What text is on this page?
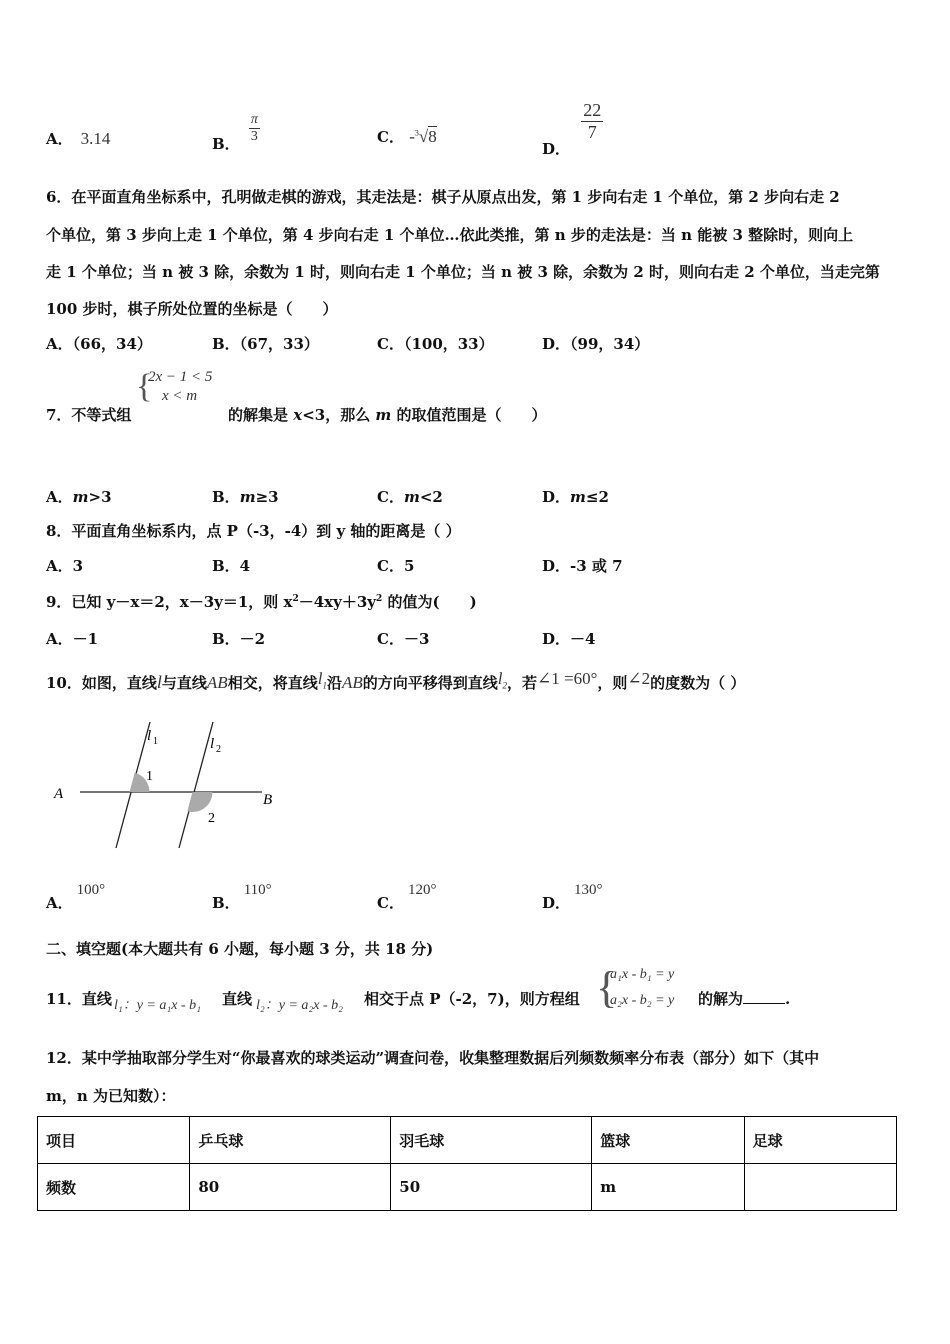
A． 3.14	B． $\frac{\pi}{3}$	C． -$^3$√8
D．
$\frac{22}{7}$
6．在平面直角坐标系中，孔明做走棋的游戏，其走法是：棋子从原点出发，第 1 步向右走 1 个单位，第 2 步向右走 2
个单位，第 3 步向上走 1 个单位，第 4 步向右走 1 个单位…依此类推，第 n 步的走法是：当 n 能被 3 整除时，则向上
走 1 个单位；当 n 被 3 除，余数为 1 时，则向右走 1 个单位；当 n 被 3 除，余数为 2 时，则向右走 2 个单位，当走完第
100 步时，棋子所处位置的坐标是（　　）
A．（66，34）	B．（67，33）	C．（100，33）	D．（99，34）
7．不等式组
{
2x − 1 < 5
x < m
的解集是 x<3，那么 m 的取值范围是（　　）
A．m>3	B．m≥3	C．m<2	D．m≤2
8．平面直角坐标系内，点 P（-3，-4）到 y 轴的距离是（ ）
A．3	B．4	C．5	D．-3 或 7
9．已知 y－x＝2，x－3y＝1，则 $x^2-4xy+3y^2$ 的值为(　　)
A．－1	B．－2	C．－3	D．－4
10．如图，直线l与直线AB相交，将直线$l_1$沿AB的方向平移得到直线$l_2$，若∠1 =60°，则∠2的度数为（ ）
A	B
l 1	l 2
1
2
A．100°
B．110°
C．120°
D．130°
二、填空题(本大题共有 6 小题，每小题 3 分，共 18 分)
11．直线 l₁：y = a₁x - b₁ 直线 l₂：y = a₂x - b₂ 相交于点 P（-2，7)，则方程组 {
a₁x - b₁ = y
a₂x - b₂ = y 的解为	.
12．某中学抽取部分学生对“你最喜欢的球类运动”调查问卷，收集整理数据后列频数频率分布表（部分）如下（其中
m，n 为已知数）：
项目	乒乓球	羽毛球	篮球	足球
频数	80	50	m	
